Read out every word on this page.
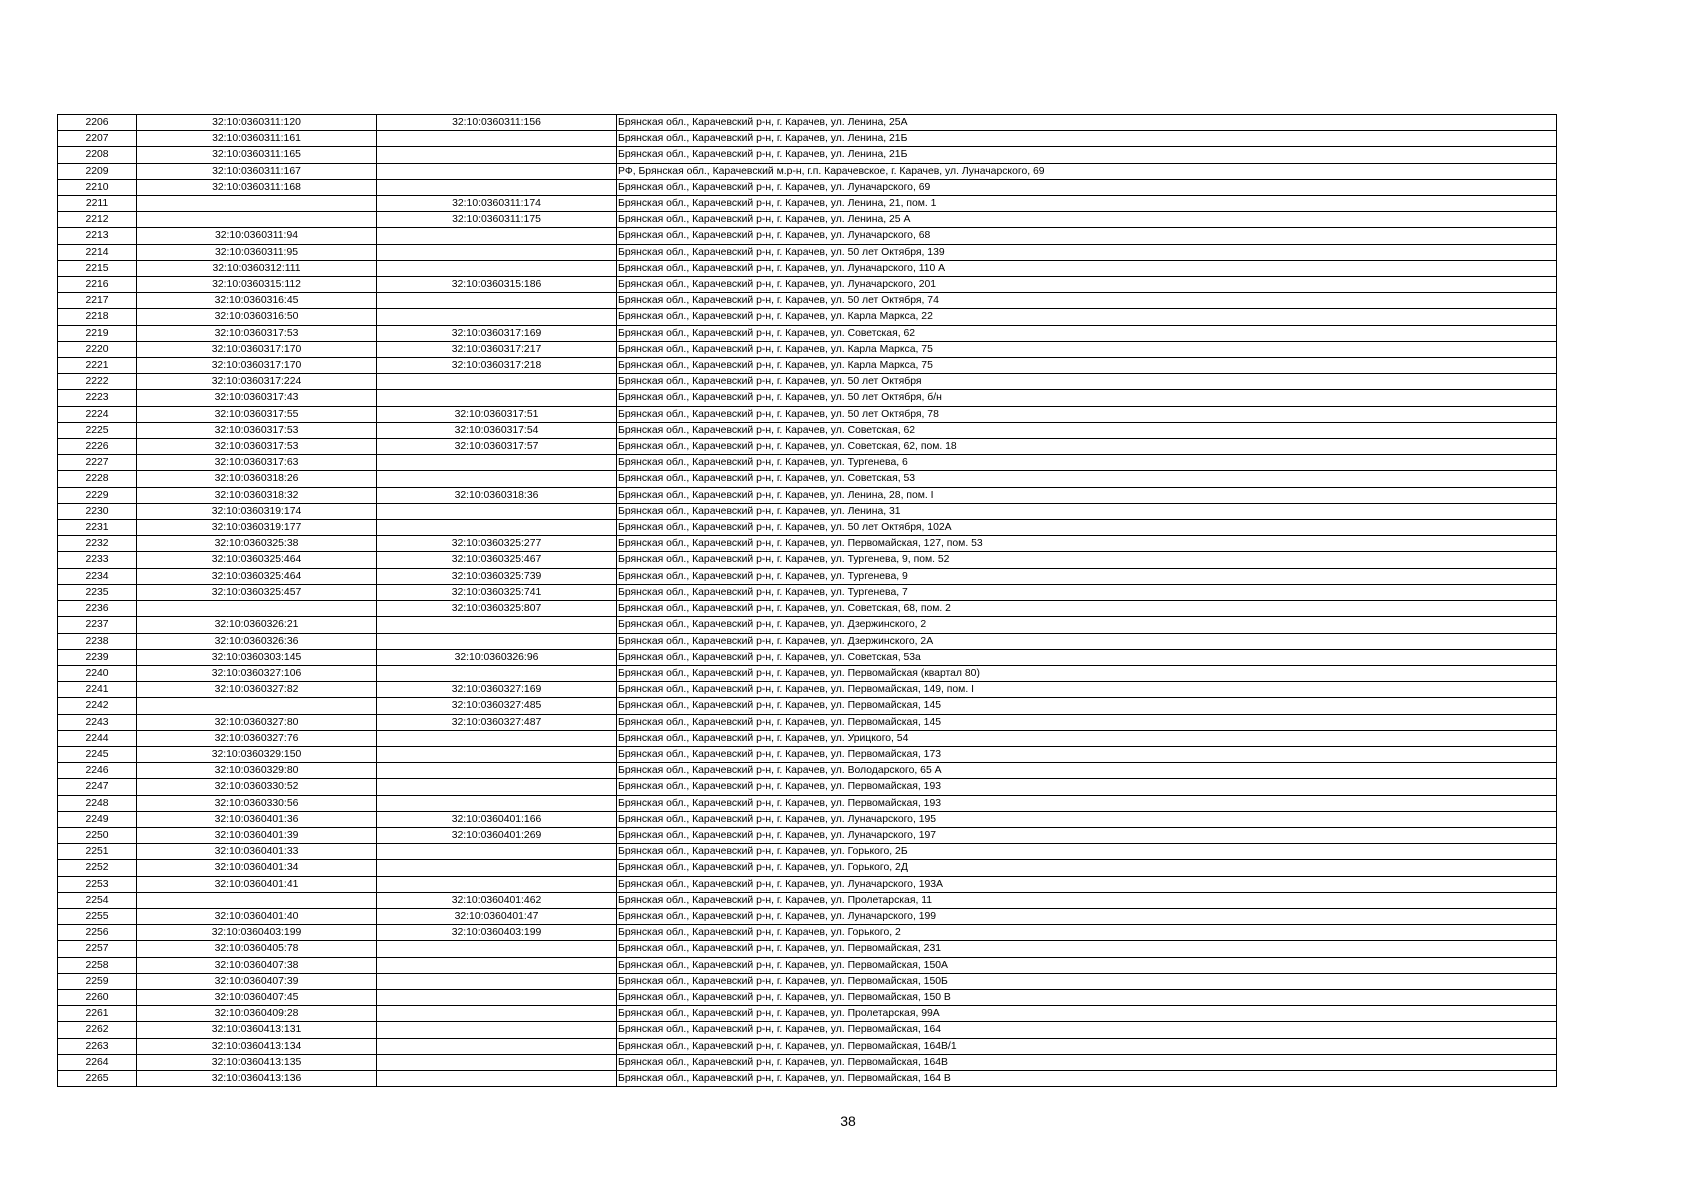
2206	32:10:0360311:120	32:10:0360311:156	Брянская обл., Карачевский р-н, г. Карачев, ул. Ленина, 25А
2207	32:10:0360311:161		Брянская обл., Карачевский р-н, г. Карачев, ул. Ленина, 21Б
2208	32:10:0360311:165		Брянская обл., Карачевский р-н, г. Карачев, ул. Ленина, 21Б
2209	32:10:0360311:167		РФ, Брянская обл., Карачевский м.р-н, г.п. Карачевское, г. Карачев, ул. Луначарского, 69
2210	32:10:0360311:168		Брянская обл., Карачевский р-н, г. Карачев, ул. Луначарского, 69
2211		32:10:0360311:174	Брянская обл., Карачевский р-н, г. Карачев, ул. Ленина, 21, пом. 1
2212		32:10:0360311:175	Брянская обл., Карачевский р-н, г. Карачев, ул. Ленина, 25 А
2213	32:10:0360311:94		Брянская обл., Карачевский р-н, г. Карачев, ул. Луначарского, 68
2214	32:10:0360311:95		Брянская обл., Карачевский р-н, г. Карачев, ул. 50 лет Октября, 139
2215	32:10:0360312:111		Брянская обл., Карачевский р-н, г. Карачев, ул. Луначарского, 110 А
2216	32:10:0360315:112	32:10:0360315:186	Брянская обл., Карачевский р-н, г. Карачев, ул. Луначарского, 201
2217	32:10:0360316:45		Брянская обл., Карачевский р-н, г. Карачев, ул. 50 лет Октября, 74
2218	32:10:0360316:50		Брянская обл., Карачевский р-н, г. Карачев, ул. Карла Маркса, 22
2219	32:10:0360317:53	32:10:0360317:169	Брянская обл., Карачевский р-н, г. Карачев, ул. Советская, 62
2220	32:10:0360317:170	32:10:0360317:217	Брянская обл., Карачевский р-н, г. Карачев, ул. Карла Маркса, 75
2221	32:10:0360317:170	32:10:0360317:218	Брянская обл., Карачевский р-н, г. Карачев, ул. Карла Маркса, 75
2222	32:10:0360317:224		Брянская обл., Карачевский р-н, г. Карачев, ул. 50 лет Октября
2223	32:10:0360317:43		Брянская обл., Карачевский р-н, г. Карачев, ул. 50 лет Октября, б/н
2224	32:10:0360317:55	32:10:0360317:51	Брянская обл., Карачевский р-н, г. Карачев, ул. 50 лет Октября, 78
2225	32:10:0360317:53	32:10:0360317:54	Брянская обл., Карачевский р-н, г. Карачев, ул. Советская, 62
2226	32:10:0360317:53	32:10:0360317:57	Брянская обл., Карачевский р-н, г. Карачев, ул. Советская, 62, пом. 18
2227	32:10:0360317:63		Брянская обл., Карачевский р-н, г. Карачев, ул. Тургенева, 6
2228	32:10:0360318:26		Брянская обл., Карачевский р-н, г. Карачев, ул. Советская, 53
2229	32:10:0360318:32	32:10:0360318:36	Брянская обл., Карачевский р-н, г. Карачев, ул. Ленина, 28, пом. I
2230	32:10:0360319:174		Брянская обл., Карачевский р-н, г. Карачев, ул. Ленина, 31
2231	32:10:0360319:177		Брянская обл., Карачевский р-н, г. Карачев, ул. 50 лет Октября, 102А
2232	32:10:0360325:38	32:10:0360325:277	Брянская обл., Карачевский р-н, г. Карачев, ул. Первомайская, 127, пом. 53
2233	32:10:0360325:464	32:10:0360325:467	Брянская обл., Карачевский р-н, г. Карачев, ул. Тургенева, 9, пом. 52
2234	32:10:0360325:464	32:10:0360325:739	Брянская обл., Карачевский р-н, г. Карачев, ул. Тургенева, 9
2235	32:10:0360325:457	32:10:0360325:741	Брянская обл., Карачевский р-н, г. Карачев, ул. Тургенева, 7
2236		32:10:0360325:807	Брянская обл., Карачевский р-н, г. Карачев, ул. Советская, 68, пом. 2
2237	32:10:0360326:21		Брянская обл., Карачевский р-н, г. Карачев, ул. Дзержинского, 2
2238	32:10:0360326:36		Брянская обл., Карачевский р-н, г. Карачев, ул. Дзержинского, 2А
2239	32:10:0360303:145	32:10:0360326:96	Брянская обл., Карачевский р-н, г. Карачев, ул. Советская, 53а
2240	32:10:0360327:106		Брянская обл., Карачевский р-н, г. Карачев, ул. Первомайская (квартал 80)
2241	32:10:0360327:82	32:10:0360327:169	Брянская обл., Карачевский р-н, г. Карачев, ул. Первомайская, 149, пом. I
2242		32:10:0360327:485	Брянская обл., Карачевский р-н, г. Карачев, ул. Первомайская, 145
2243	32:10:0360327:80	32:10:0360327:487	Брянская обл., Карачевский р-н, г. Карачев, ул. Первомайская, 145
2244	32:10:0360327:76		Брянская обл., Карачевский р-н, г. Карачев, ул. Урицкого, 54
2245	32:10:0360329:150		Брянская обл., Карачевский р-н, г. Карачев, ул. Первомайская, 173
2246	32:10:0360329:80		Брянская обл., Карачевский р-н, г. Карачев, ул. Володарского, 65 А
2247	32:10:0360330:52		Брянская обл., Карачевский р-н, г. Карачев, ул. Первомайская, 193
2248	32:10:0360330:56		Брянская обл., Карачевский р-н, г. Карачев, ул. Первомайская, 193
2249	32:10:0360401:36	32:10:0360401:166	Брянская обл., Карачевский р-н, г. Карачев, ул. Луначарского, 195
2250	32:10:0360401:39	32:10:0360401:269	Брянская обл., Карачевский р-н, г. Карачев, ул. Луначарского, 197
2251	32:10:0360401:33		Брянская обл., Карачевский р-н, г. Карачев, ул. Горького, 2Б
2252	32:10:0360401:34		Брянская обл., Карачевский р-н, г. Карачев, ул. Горького, 2Д
2253	32:10:0360401:41		Брянская обл., Карачевский р-н, г. Карачев, ул. Луначарского, 193А
2254		32:10:0360401:462	Брянская обл., Карачевский р-н, г. Карачев, ул. Пролетарская, 11
2255	32:10:0360401:40	32:10:0360401:47	Брянская обл., Карачевский р-н, г. Карачев, ул. Луначарского, 199
2256	32:10:0360403:199	32:10:0360403:199	Брянская обл., Карачевский р-н, г. Карачев, ул. Горького, 2
2257	32:10:0360405:78		Брянская обл., Карачевский р-н, г. Карачев, ул. Первомайская, 231
2258	32:10:0360407:38		Брянская обл., Карачевский р-н, г. Карачев, ул. Первомайская, 150А
2259	32:10:0360407:39		Брянская обл., Карачевский р-н, г. Карачев, ул. Первомайская, 150Б
2260	32:10:0360407:45		Брянская обл., Карачевский р-н, г. Карачев, ул. Первомайская, 150 В
2261	32:10:0360409:28		Брянская обл., Карачевский р-н, г. Карачев, ул. Пролетарская, 99А
2262	32:10:0360413:131		Брянская обл., Карачевский р-н, г. Карачев, ул. Первомайская, 164
2263	32:10:0360413:134		Брянская обл., Карачевский р-н, г. Карачев, ул. Первомайская, 164В/1
2264	32:10:0360413:135		Брянская обл., Карачевский р-н, г. Карачев, ул. Первомайская, 164В
2265	32:10:0360413:136		Брянская обл., Карачевский р-н, г. Карачев, ул. Первомайская, 164 В
38
